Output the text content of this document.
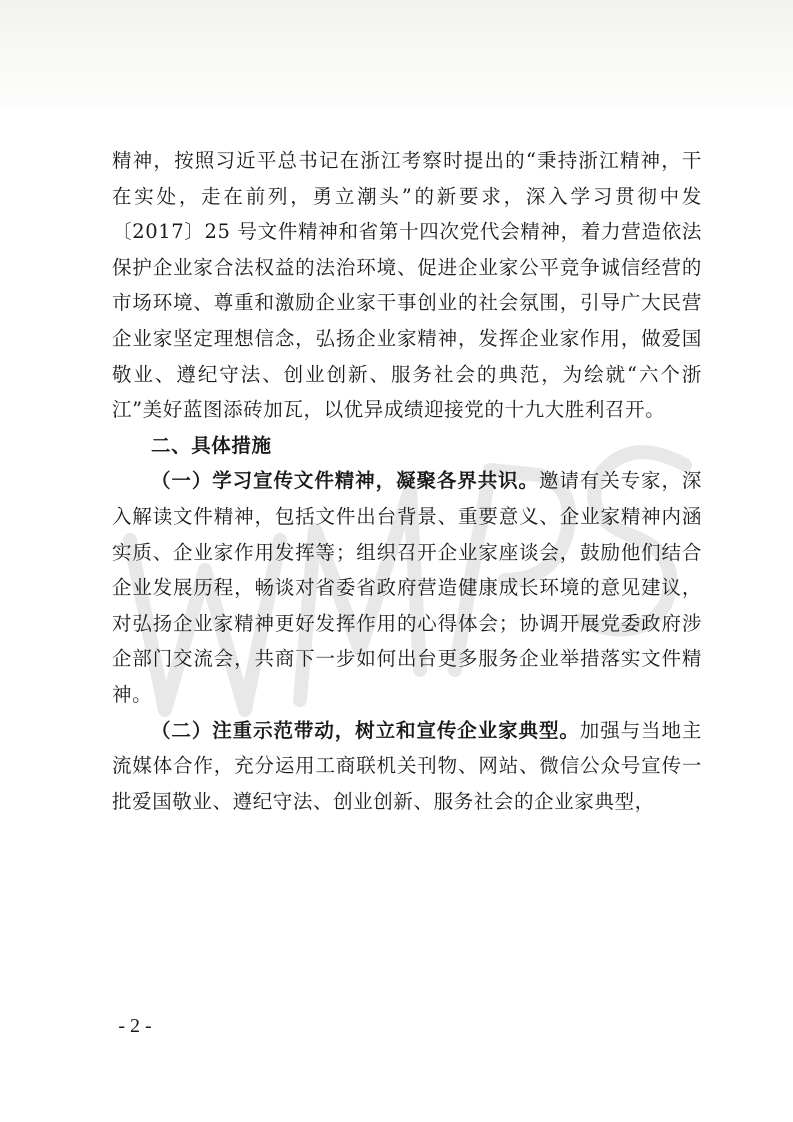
精神，按照习近平总书记在浙江考察时提出的“秉持浙江精神，干在实处，走在前列，勇立潮头”的新要求，深入学习贯彻中发〔2017〕25 号文件精神和省第十四次党代会精神，着力营造依法保护企业家合法权益的法治环境、促进企业家公平竞争诚信经营的市场环境、尊重和激励企业家干事创业的社会氛围，引导广大民营企业家坚定理想信念，弘扬企业家精神，发挥企业家作用，做爱国敬业、遵纪守法、创业创新、服务社会的典范，为绘就“六个浙江”美好蓝图添砖加瓦，以优异成绩迎接党的十九大胜利召开。

二、具体措施

（一）学习宣传文件精神，凝聚各界共识。邀请有关专家，深入解读文件精神，包括文件出台背景、重要意义、企业家精神内涵实质、企业家作用发挥等；组织召开企业家座谈会，鼓励他们结合企业发展历程，畅谈对省委省政府营造健康成长环境的意见建议，对弘扬企业家精神更好发挥作用的心得体会；协调开展党委政府涉企部门交流会，共商下一步如何出台更多服务企业举措落实文件精神。

（二）注重示范带动，树立和宣传企业家典型。加强与当地主流媒体合作，充分运用工商联机关刊物、网站、微信公众号宣传一批爱国敬业、遵纪守法、创业创新、服务社会的企业家典型，

- 2 -
